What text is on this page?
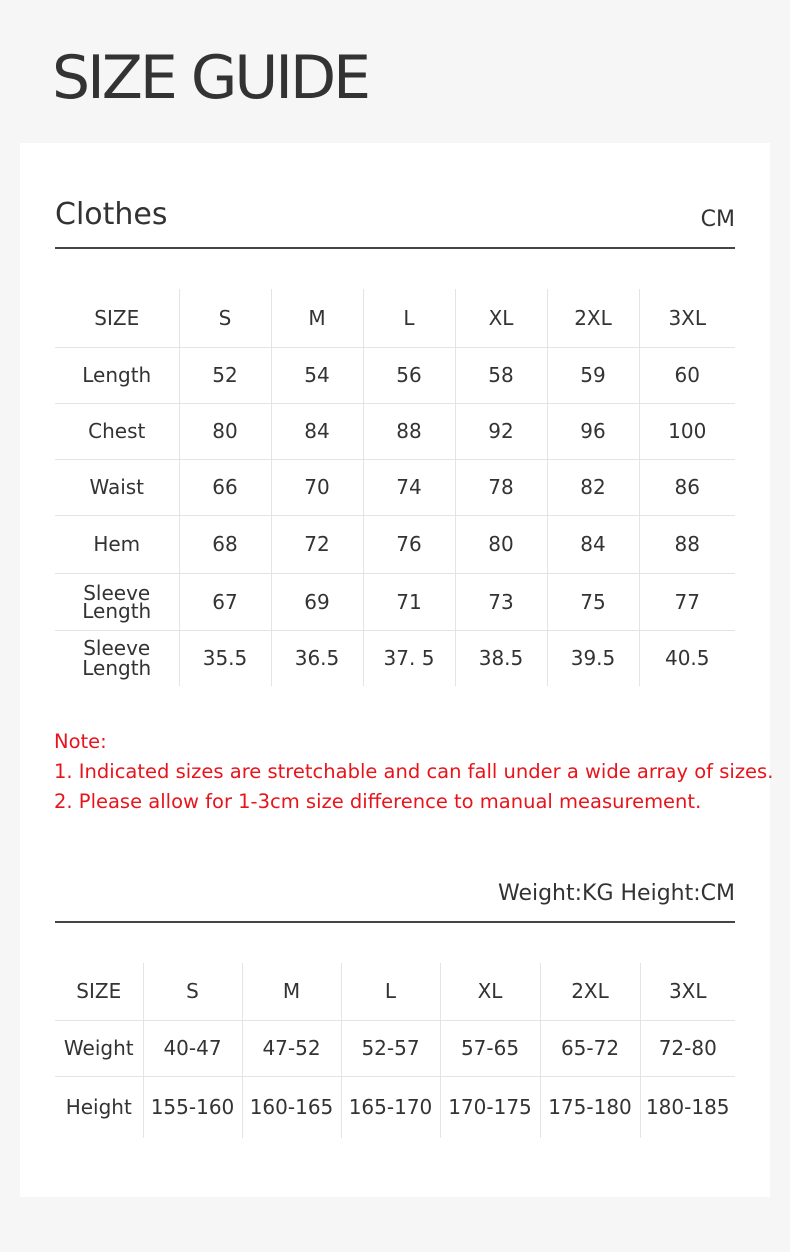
SIZE GUIDE
Clothes	CM
SIZE	S	M	L	XL	2XL	3XL
Length	52	54	56	58	59	60
Chest	80	84	88	92	96	100
Waist	66	70	74	78	82	86
Hem	68	72	76	80	84	88

Sleeve
Length	67	69	71	73	75	77

Sleeve
Length	35.5	36.5	37. 5	38.5	39.5	40.5
Note:
1. Indicated sizes are stretchable and can fall under a wide array of sizes.
2. Please allow for 1-3cm size difference to manual measurement.
Weight:KG Height:CM
SIZE	S	M	L	XL	2XL	3XL
Weight	40-47	47-52	52-57	57-65	65-72	72-80
Height	155-160	160-165	165-170	170-175	175-180	180-185
